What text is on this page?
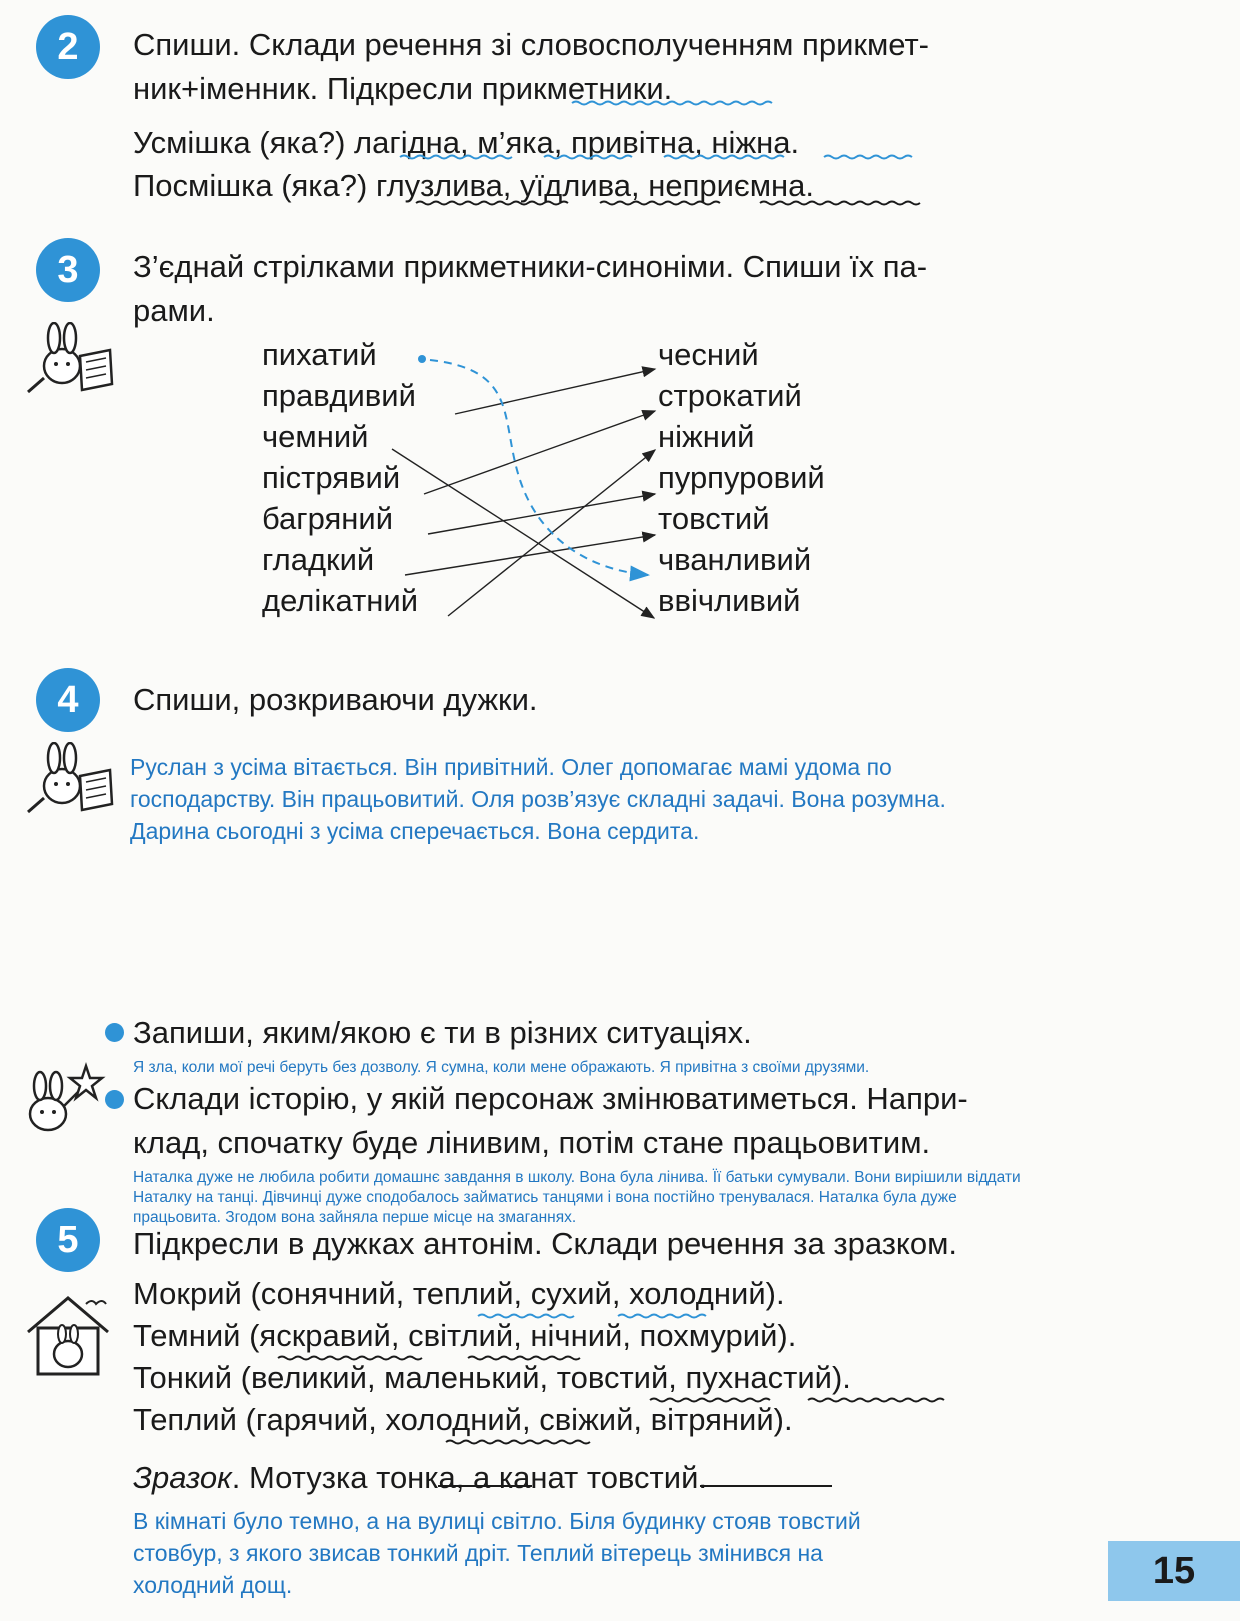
2	Спиши. Склади речення зі словосполученням прикмет-
ник+іменник. Підкресли прикметники.
Усмішка (яка?) лагідна, м’яка, привітна, ніжна.
Посмішка (яка?) глузлива, уїдлива, неприємна.
3	З’єднай стрілками прикметники-синоніми. Спиши їх па-
рами.
пихатий
правдивий
чемний
пістрявий
багряний
гладкий
делікатний
чесний
строкатий
ніжний
пурпуровий
товстий
чванливий
ввічливий
4	Спиши, розкриваючи дужки.
Руслан з усіма вітається. Він привітний. Олег допомагає мамі удома по
господарству. Він працьовитий. Оля розв’язує складні задачі. Вона розумна.
Дарина сьогодні з усіма сперечається. Вона сердита.
Запиши, яким/якою є ти в різних ситуаціях.
Я зла, коли мої речі беруть без дозволу. Я сумна, коли мене ображають. Я привітна з своїми друзями.
Склади історію, у якій персонаж змінюватиметься. Напри-
клад, спочатку буде лінивим, потім стане працьовитим.
Наталка дуже не любила робити домашнє завдання в школу. Вона була лінива. Її батьки сумували. Вони вирішили віддати
Наталку на танці. Дівчинці дуже сподобалось займатись танцями і вона постійно тренувалася. Наталка була дуже
працьовита. Згодом вона зайняла перше місце на змаганнях.
5	Підкресли в дужках антонім. Склади речення за зразком.
Мокрий (сонячний, теплий, сухий, холодний).
Темний (яскравий, світлий, нічний, похмурий).
Тонкий (великий, маленький, товстий, пухнастий).
Теплий (гарячий, холодний, свіжий, вітряний).
Зразок. Мотузка тонка, а канат товстий.
В кімнаті було темно, а на вулиці світло. Біля будинку стояв товстий
стовбур, з якого звисав тонкий дріт. Теплий вітерець змінився на
холодний дощ.	15
